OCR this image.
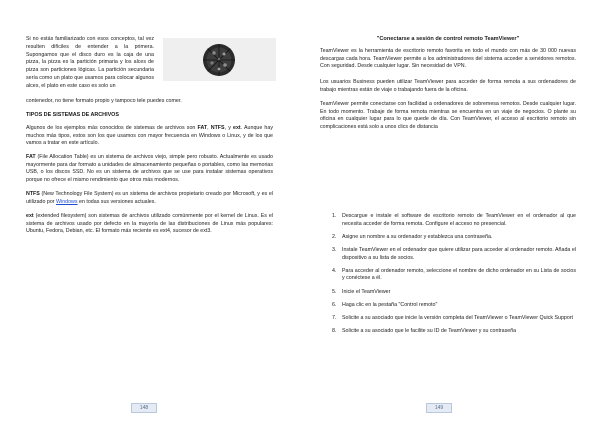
Si no estás familiarizado con esos conceptos, tal vez resulten difíciles de entender a la primera. Supongamos que el disco duro es la caja de una pizza, la pizza es la partición primaria y los alces de pizza son particiones lógicas. La partición secundaria sería como un plato que usamos para colocar algunos alces, el plato en este caso es solo un

contenedor, no tiene formato propio y tampoco tele puedes comer.

TIPOS DE SISTEMAS DE ARCHIVOS

Algunos de los ejemplos más conocidos de sistemas de archivos son FAT, NTFS, y ext. Aunque hay muchos más tipos, estos son los que usamos con mayor frecuencia en Windows o Linux, y de los que vamos a tratar en este artículo.

FAT (File Allocation Table) es un sistema de archivos viejo, simple pero robusto. Actualmente es usado mayormente para dar formato a unidades de almacenamiento pequeñas o portables, como las memorias USB, o los discos SSD. No es un sistema de archivos que se use para instalar sistemas operativos porque no ofrece el mismo rendimiento que otros más modernos.

NTFS (New Technology File System) es un sistema de archivos propietario creado por Microsoft, y es el utilizado por Windows en todas sus versiones actuales.

ext (extended filesystem) son sistemas de archivos utilizado comúnmente por el kernel de Linux. Es el sistema de archivos usado por defecto en la mayoría de las distribuciones de Linux más populares: Ubuntu, Fedora, Debian, etc. El formato más reciente es ext4, sucesor de ext3.

148

"Conectarse a sesión de control remoto TeamViewer"

TeamViewer es la herramienta de escritorio remoto favorita en todo el mundo con más de 30 000 nuevas descargas cada hora. TeamViewer permite a los administradores del sistema acceder a servidores remotos. Con seguridad. Desde cualquier lugar. Sin necesidad de VPN.

Los usuarios Business pueden utilizar TeamViewer para acceder de forma remota a sus ordenadores de trabajo mientras están de viaje o trabajando fuera de la oficina.

TeamViewer permite conectarse con facilidad a ordenadores de sobremesa remotos. Desde cualquier lugar. En todo momento. Trabaje de forma remota mientras se encuentra en un viaje de negocios. O plante su oficina en cualquier lugar para lo que quede de día. Con TeamViewer, el acceso al escritorio remoto sin complicaciones está solo a unos clics de distancia

1.	Descargue e instale el software de escritorio remoto de TeamViewer en el ordenador al que necesita acceder de forma remota. Configure el acceso no presencial.
2.	Asigne un nombre a su ordenador y establezca una contraseña.
3.	Instale TeamViewer en el ordenador que quiere utilizar para acceder al ordenador remoto. Añada el dispositivo a su lista de socios.
4.	Para acceder al ordenador remoto, seleccione el nombre de dicho ordenador en su Lista de socios y conéctese a él.
5.	Inicie el TeamViewer
6.	Haga clic en la pestaña "Control remoto"
7.	Solicite a su asociado que inicie la versión completa del TeamViewer o TeamViewer Quick Support
8.	Solicite a su asociado que le facilite su ID de TeamViewer y su contraseña
149
